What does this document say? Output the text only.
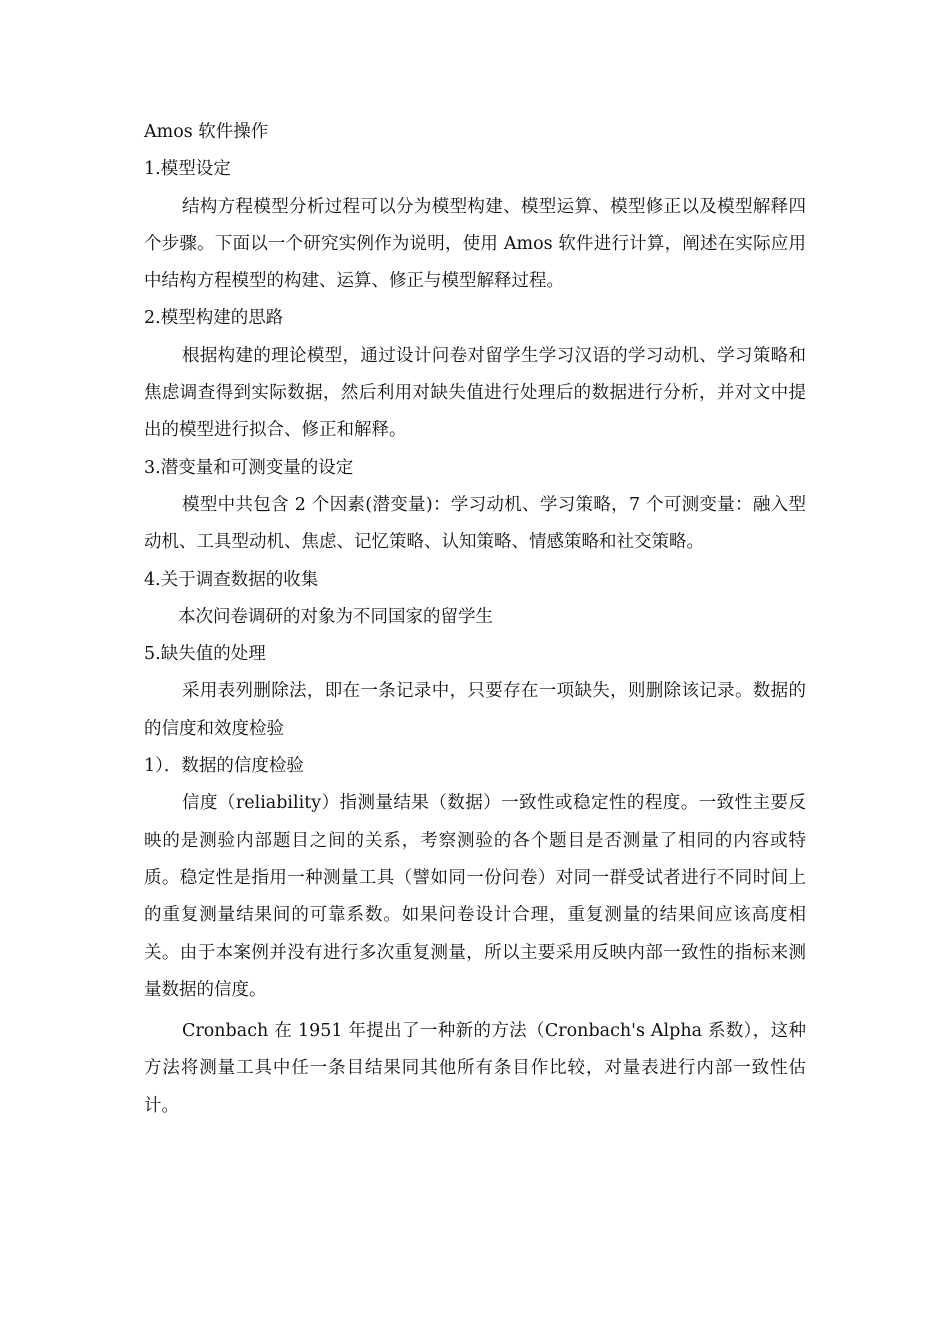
Amos 软件操作

1.模型设定

结构方程模型分析过程可以分为模型构建、模型运算、模型修正以及模型解释四个步骤。下面以一个研究实例作为说明，使用 Amos 软件进行计算，阐述在实际应用中结构方程模型的构建、运算、修正与模型解释过程。

2.模型构建的思路

根据构建的理论模型，通过设计问卷对留学生学习汉语的学习动机、学习策略和焦虑调查得到实际数据，然后利用对缺失值进行处理后的数据进行分析，并对文中提出的模型进行拟合、修正和解释。

3.潜变量和可测变量的设定

模型中共包含 2 个因素(潜变量)：学习动机、学习策略，7 个可测变量：融入型动机、工具型动机、焦虑、记忆策略、认知策略、情感策略和社交策略。

4.关于调查数据的收集

本次问卷调研的对象为不同国家的留学生

5.缺失值的处理

采用表列删除法，即在一条记录中，只要存在一项缺失，则删除该记录。数据的的信度和效度检验

1）．数据的信度检验

信度（reliability）指测量结果（数据）一致性或稳定性的程度。一致性主要反映的是测验内部题目之间的关系，考察测验的各个题目是否测量了相同的内容或特质。稳定性是指用一种测量工具（譬如同一份问卷）对同一群受试者进行不同时间上的重复测量结果间的可靠系数。如果问卷设计合理，重复测量的结果间应该高度相关。由于本案例并没有进行多次重复测量，所以主要采用反映内部一致性的指标来测量数据的信度。

Cronbach 在 1951 年提出了一种新的方法（Cronbach's Alpha 系数），这种方法将测量工具中任一条目结果同其他所有条目作比较，对量表进行内部一致性估计。
